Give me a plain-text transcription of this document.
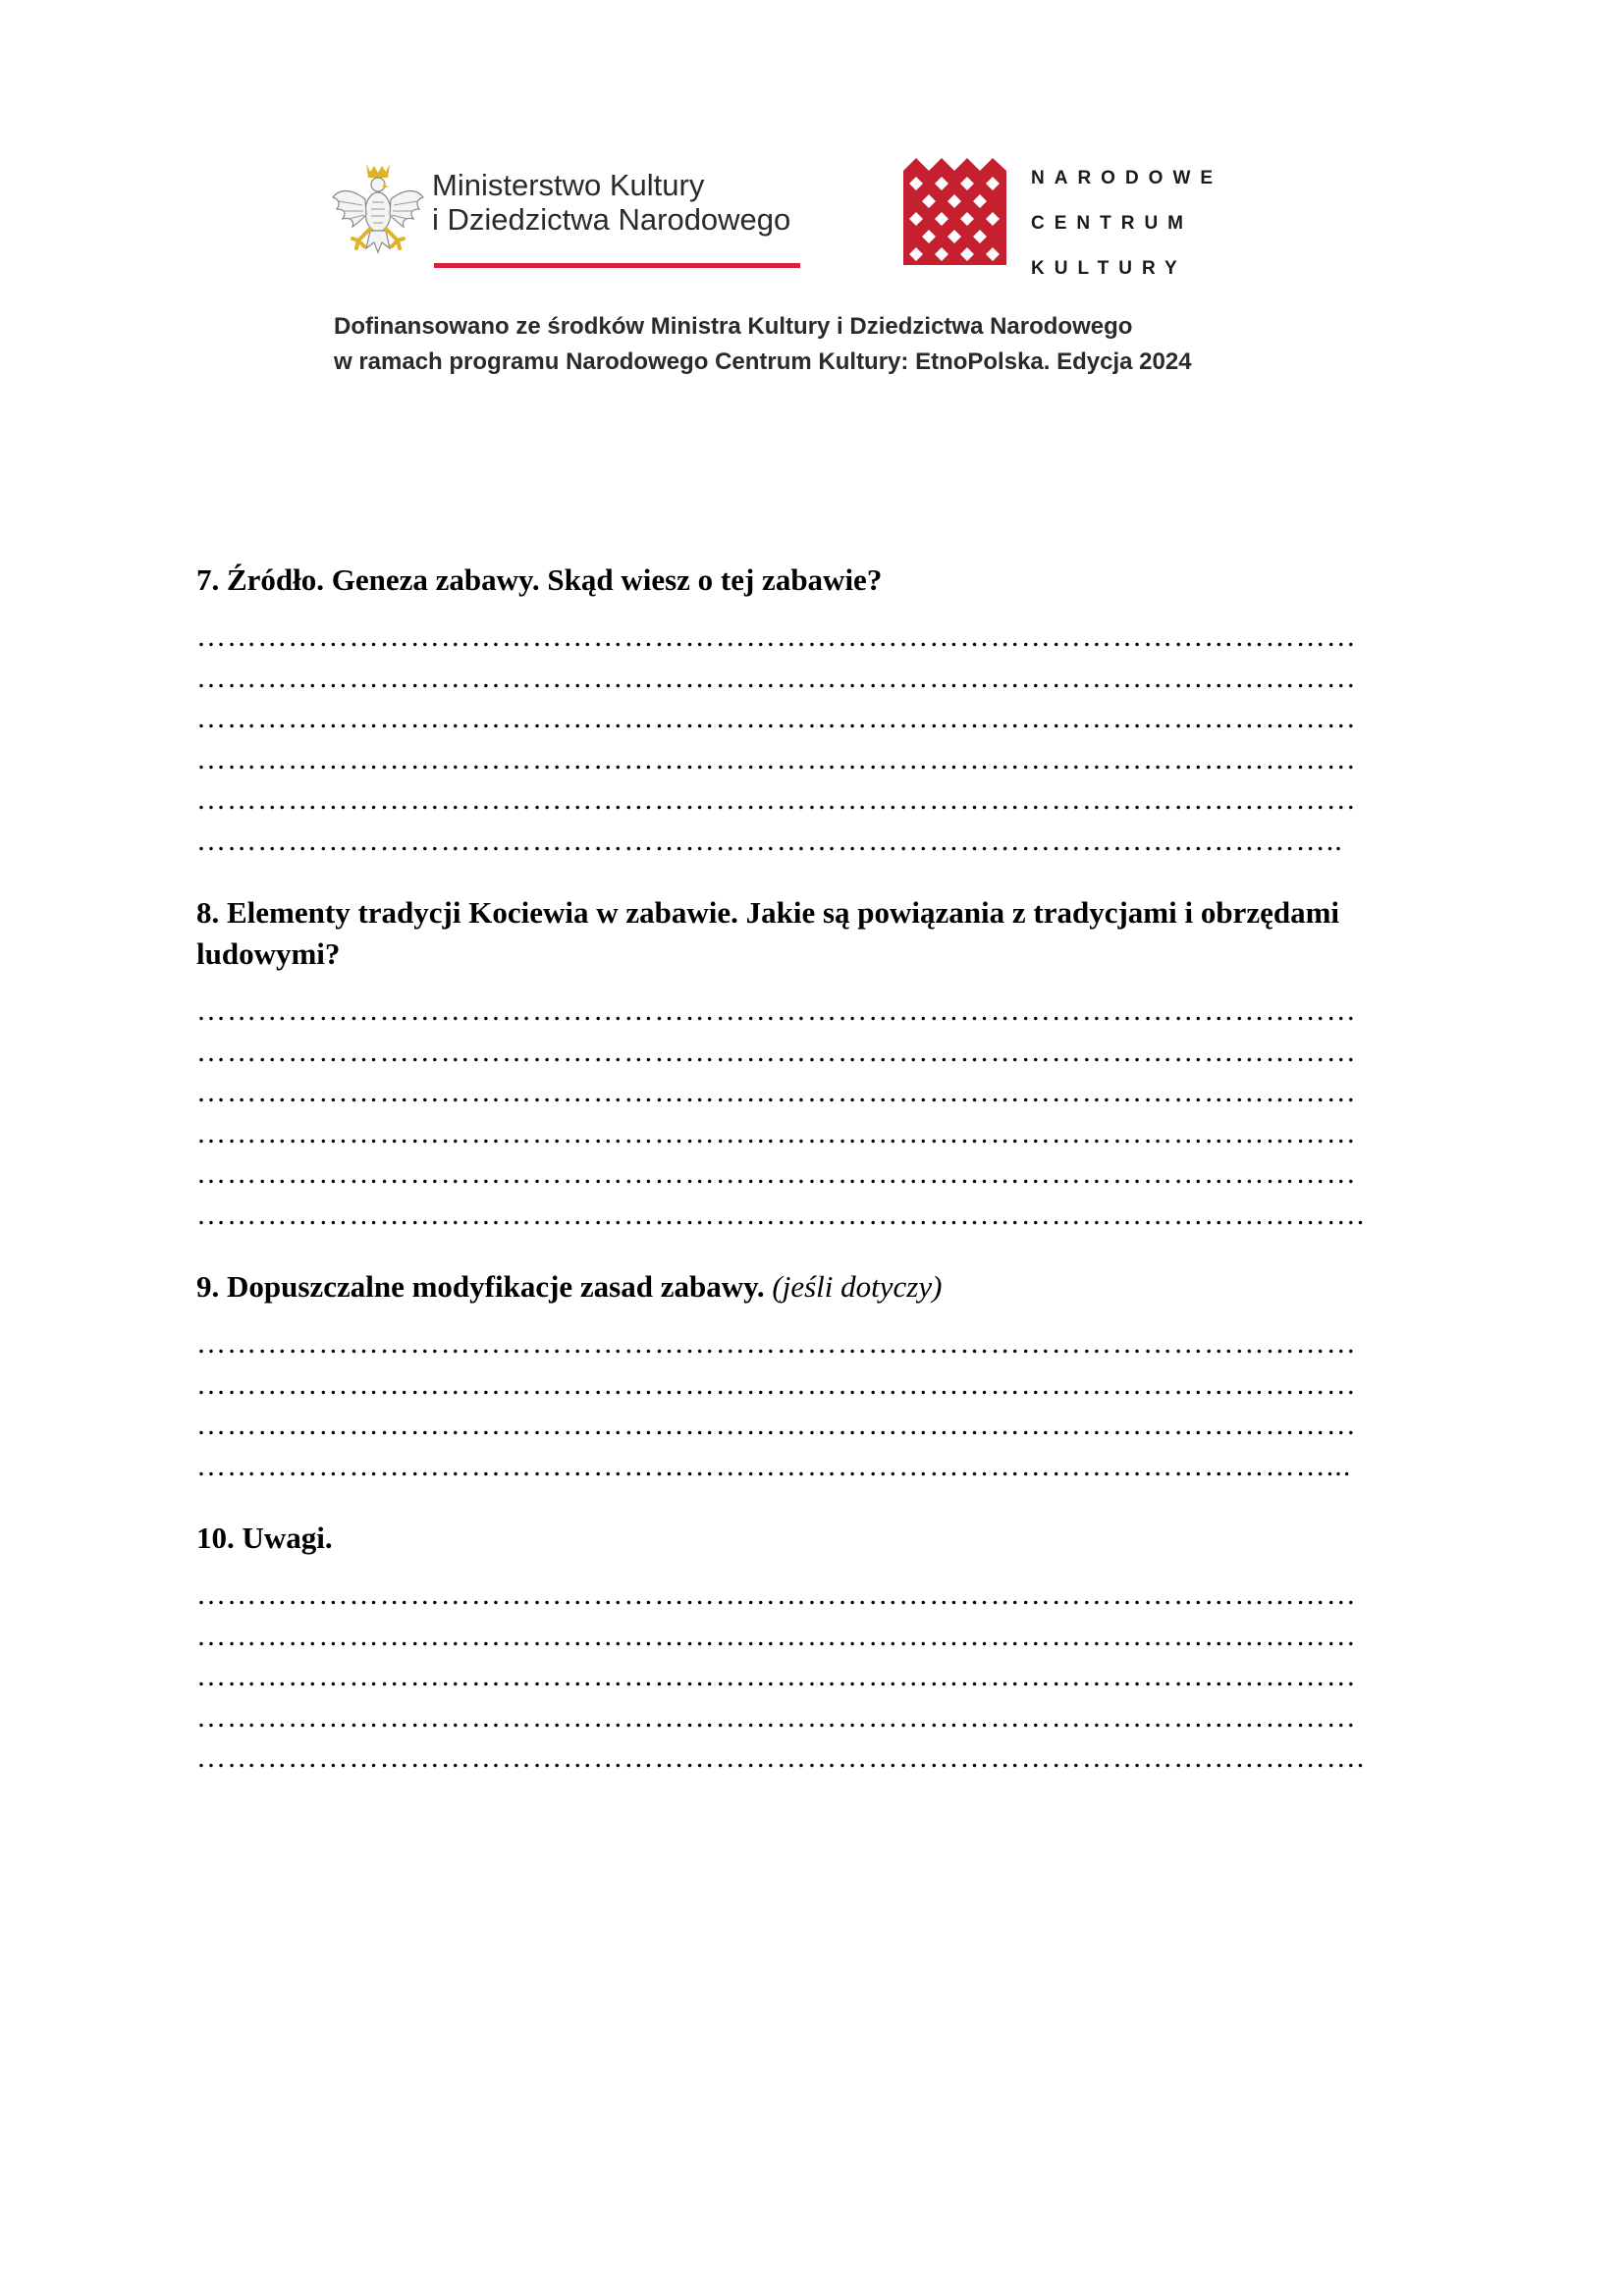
Ministerstwo Kultury
i Dziedzictwa Narodowego
NARODOWE
CENTRUM
KULTURY
Dofinansowano ze środków Ministra Kultury i Dziedzictwa Narodowego
w ramach programu Narodowego Centrum Kultury: EtnoPolska. Edycja 2024

7. Źródło. Geneza zabawy. Skąd wiesz o tej zabawie?

……………………………………………………………………………………………………
……………………………………………………………………………………………………
……………………………………………………………………………………………………
……………………………………………………………………………………………………
……………………………………………………………………………………………………
…………………………………………………………………………………………………..

8. Elementy tradycji Kociewia w zabawie. Jakie są powiązania z tradycjami i obrzędami ludowymi?

……………………………………………………………………………………………………
……………………………………………………………………………………………………
……………………………………………………………………………………………………
……………………………………………………………………………………………………
……………………………………………………………………………………………………
…………………………………………………………………………………………………….

9. Dopuszczalne modyfikacje zasad zabawy. (jeśli dotyczy)

……………………………………………………………………………………………………
……………………………………………………………………………………………………
……………………………………………………………………………………………………
…………………………………………………………………………………………………...

10. Uwagi.

……………………………………………………………………………………………………
……………………………………………………………………………………………………
……………………………………………………………………………………………………
……………………………………………………………………………………………………
…………………………………………………………………………………………………….
